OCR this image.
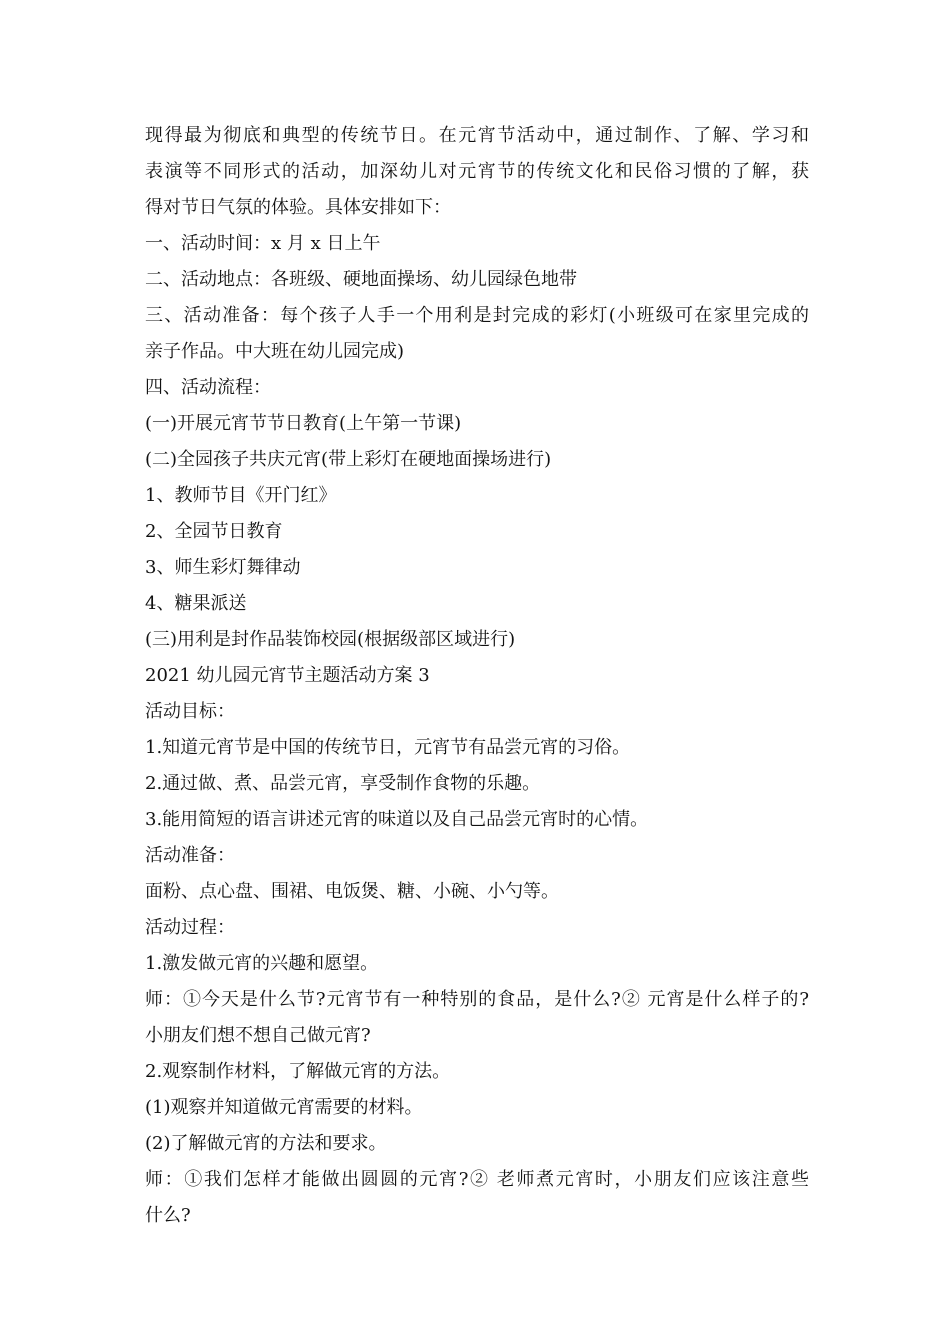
现得最为彻底和典型的传统节日。在元宵节活动中，通过制作、了解、学习和
表演等不同形式的活动，加深幼儿对元宵节的传统文化和民俗习惯的了解，获
得对节日气氛的体验。具体安排如下：
一、活动时间：x 月 x 日上午
二、活动地点：各班级、硬地面操场、幼儿园绿色地带
三、活动准备：每个孩子人手一个用利是封完成的彩灯(小班级可在家里完成的
亲子作品。中大班在幼儿园完成)
四、活动流程：
(一)开展元宵节节日教育(上午第一节课)
(二)全园孩子共庆元宵(带上彩灯在硬地面操场进行)
1、教师节目《开门红》
2、全园节日教育
3、师生彩灯舞律动
4、糖果派送
(三)用利是封作品装饰校园(根据级部区域进行)
2021 幼儿园元宵节主题活动方案 3
活动目标：
1.知道元宵节是中国的传统节日，元宵节有品尝元宵的习俗。
2.通过做、煮、品尝元宵，享受制作食物的乐趣。
3.能用简短的语言讲述元宵的味道以及自己品尝元宵时的心情。
活动准备：
面粉、点心盘、围裙、电饭煲、糖、小碗、小勺等。
活动过程：
1.激发做元宵的兴趣和愿望。
师：①今天是什么节?元宵节有一种特别的食品，是什么?② 元宵是什么样子的?
小朋友们想不想自己做元宵?
2.观察制作材料，了解做元宵的方法。
(1)观察并知道做元宵需要的材料。
(2)了解做元宵的方法和要求。
师：①我们怎样才能做出圆圆的元宵?② 老师煮元宵时，小朋友们应该注意些
什么?
